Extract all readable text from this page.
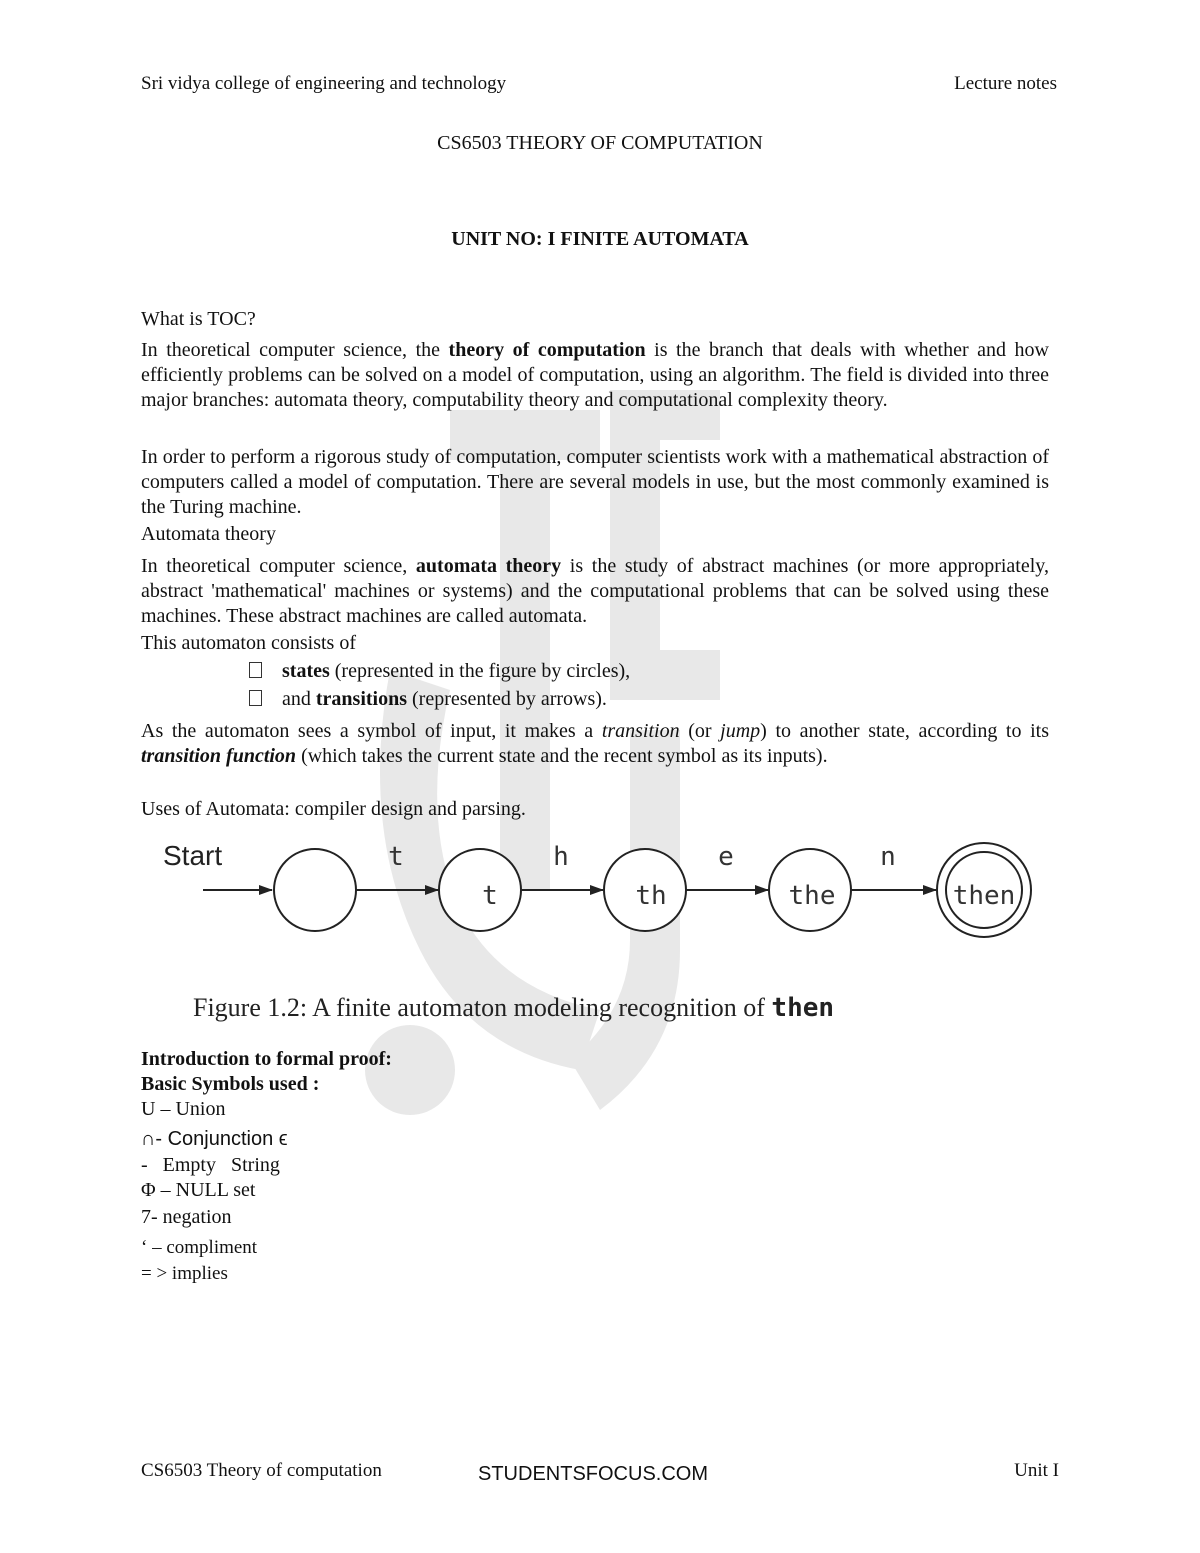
Sri vidya college of engineering and technology	Lecture notes
CS6503 THEORY OF COMPUTATION
UNIT NO: I FINITE AUTOMATA
What is TOC?

In theoretical computer science, the theory of computation is the branch that deals with whether and how efficiently problems can be solved on a model of computation, using an algorithm. The field is divided into three major branches: automata theory, computability theory and computational complexity theory.

In order to perform a rigorous study of computation, computer scientists work with a mathematical abstraction of computers called a model of computation. There are several models in use, but the most commonly examined is the Turing machine.

Automata theory

In theoretical computer science, automata theory is the study of abstract machines (or more appropriately, abstract 'mathematical' machines or systems) and the computational problems that can be solved using these machines. These abstract machines are called automata.

This automaton consists of
states (represented in the figure by circles),
and transitions (represented by arrows).

As the automaton sees a symbol of input, it makes a transition (or jump) to another state, according to its transition function (which takes the current state and the recent symbol as its inputs).

Uses of Automata: compiler design and parsing.
Start	t	h	e	n
t	th	the	then
Figure 1.2: A finite automaton modeling recognition of then
Introduction to formal proof:
Basic Symbols used :
U – Union
∩- Conjunction ϵ
-   Empty   String
Φ – NULL set
7- negation
‘ – compliment
= > implies
CS6503 Theory of computation	STUDENTSFOCUS.COM	Unit I
